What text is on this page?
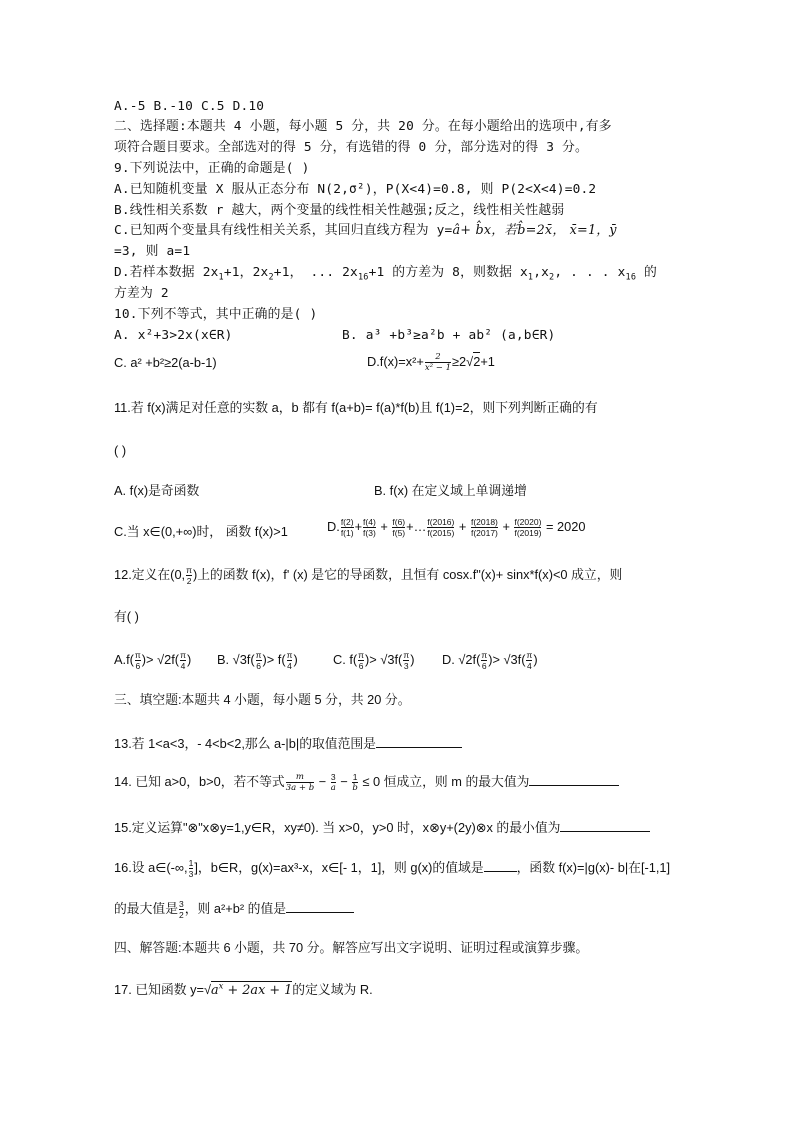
A.-5 B.-10 C.5 D.10
二、选择题:本题共 4 小题，每小题 5 分，共 20 分。在每小题给出的选项中,有多
项符合题目要求。全部选对的得 5 分，有选错的得 0 分，部分选对的得 3 分。
9.下列说法中，正确的命题是( )
A.已知随机变量 X 服从正态分布 N(2,σ²)，P(X<4)=0.8, 则 P(2<X<4)=0.2
B.线性相关系数 r 越大，两个变量的线性相关性越强;反之，线性相关性越弱
C.已知两个变量具有线性相关关系，其回归直线方程为 y=â+ b̂x，若b̂=2x̄， x̄=1，ȳ
=3, 则 a=1
D.若样本数据 $2x_1+1$，$2x_2+1$， ... $2x_{16}+1$ 的方差为 8，则数据 $x_1,x_2$, . . . $x_{16}$ 的
方差为 2
10.下列不等式，其中正确的是( )
A. x²+3>2x(x∈R)	B. a³ +b³≥a²b + ab² (a,b∈R)
C. a² +b²≥2(a-b-1)	$D.f(x)=x^2+ \frac{2}{\text{x² − 1}} \ge 2√2+1$
11.若 f(x)满足对任意的实数 a，b 都有 f(a+b)= f(a)*f(b)且 f(1)=2，则下列判断正确的有
( )
A. f(x)是奇函数	B. f(x) 在定义域上单调递增
C.当 x∈(0,+∞)时， 函数 f(x)>1	D. $\frac{f(2)}{f(1)} + \frac{f(4)}{f(3)} + \frac{f(6)}{f(5)}$ +… $\frac{f(2016)}{f(2015)} + \frac{f(2018)}{f(2017)} + \frac{f(2020)}{f(2019)} = 2020$
12.定义在(0, $\frac{\pi}{2}$ )上的函数 f(x)，f' (x) 是它的导函数，且恒有 cosx.f"(x)+ sinx*f(x)<0 成立，则
有( )
$A.f( \frac{\pi}{6}$ )> $√2f( \frac{\pi}{4}$ ) B. $√3f( \frac{\pi}{6}$ )> $f( \frac{\pi}{4}$ )	C. $f( \frac{\pi}{6}$ )> $√3f( \frac{\pi}{3}$ ) D. $√2f( \frac{\pi}{6}$ )> $√3f( \frac{\pi}{4}$ )
三、填空题:本题共 4 小题，每小题 5 分，共 20 分。
13.若 1<a<3，- 4<b<2,那么 a-|b|的取值范围是
14. 已知 a>0，b>0，若不等式 $\frac{m}{3a + b} - \frac{3}{a} - \frac{1}{b} \le 0$ 恒成立，则 m 的最大值为
15.定义运算"⊗"x⊗y=1,y∈R，xy≠0). 当 x>0，y>0 时，x⊗y+(2y)⊗x 的最小值为
16.设 a∈(-∞, $\frac{1}{3}$ ]，b∈R，g(x)=ax³-x，x∈[- 1，1]，则 g(x)的值域是	，函数 f(x)=|g(x)- b|在[-1,1]
的最大值是 $\frac{3}{2}$ ，则 a²+b² 的值是
四、解答题:本题共 6 小题，共 70 分。解答应写出文字说明、证明过程或演算步骤。
17. 已知函数 $y=√a^x + 2ax + 1$的定义域为 R.
